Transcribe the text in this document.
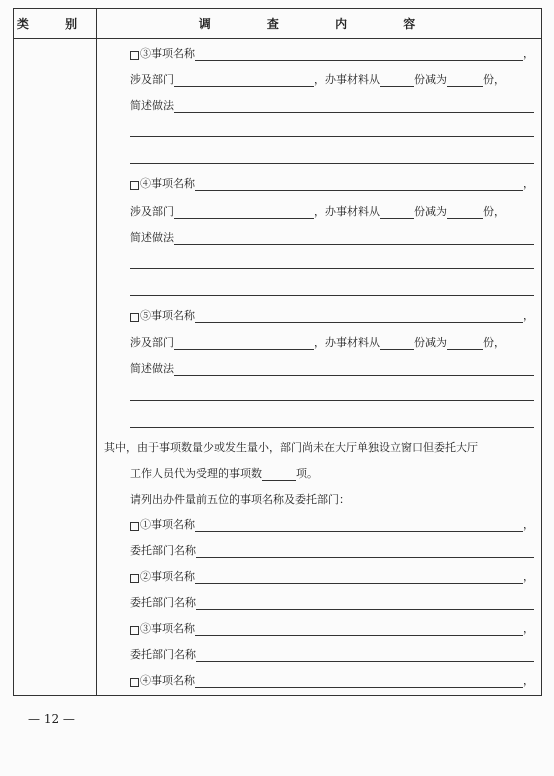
类 别	调 查 内 容
③事项名称	，
涉及部门	，办事材料从	份减为	份，
简述做法
④事项名称	，
涉及部门	，办事材料从	份减为	份，
简述做法
⑤事项名称	，
涉及部门	，办事材料从	份减为	份，
简述做法
其中，由于事项数量少或发生量小，部门尚未在大厅单独设立窗口但委托大厅
工作人员代为受理的事项数	项。
请列出办件量前五位的事项名称及委托部门：
①事项名称	，
委托部门名称
②事项名称	，
委托部门名称
③事项名称	，
委托部门名称
④事项名称	，
— 12 —
